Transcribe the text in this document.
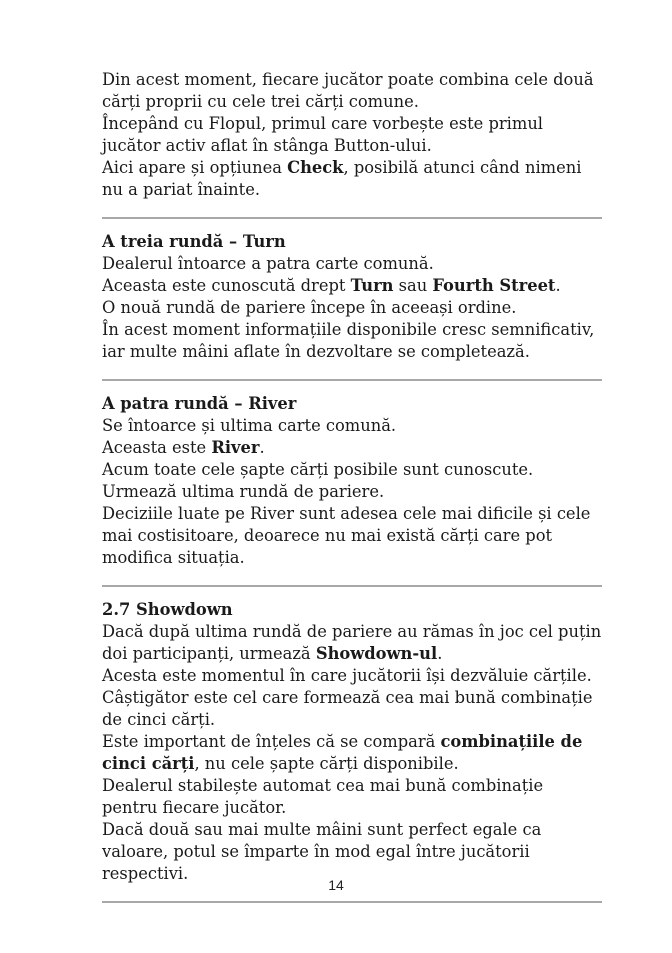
Din acest moment, fiecare jucător poate combina cele două cărți proprii cu cele trei cărți comune.

Începând cu Flopul, primul care vorbește este primul jucător activ aflat în stânga Button-ului.

Aici apare și opțiunea Check, posibilă atunci când nimeni nu a pariat înainte.

A treia rundă – Turn

Dealerul întoarce a patra carte comună.

Aceasta este cunoscută drept Turn sau Fourth Street.

O nouă rundă de pariere începe în aceeași ordine.

În acest moment informațiile disponibile cresc semnificativ, iar multe mâini aflate în dezvoltare se completează.

A patra rundă – River

Se întoarce și ultima carte comună.

Aceasta este River.

Acum toate cele șapte cărți posibile sunt cunoscute.

Urmează ultima rundă de pariere.

Deciziile luate pe River sunt adesea cele mai dificile și cele mai costisitoare, deoarece nu mai există cărți care pot modifica situația.

2.7 Showdown

Dacă după ultima rundă de pariere au rămas în joc cel puțin doi participanți, urmează Showdown-ul.

Acesta este momentul în care jucătorii își dezvăluie cărțile.

Câștigător este cel care formează cea mai bună combinație de cinci cărți.

Este important de înțeles că se compară combinațiile de cinci cărți, nu cele șapte cărți disponibile.

Dealerul stabilește automat cea mai bună combinație pentru fiecare jucător.

Dacă două sau mai multe mâini sunt perfect egale ca valoare, potul se împarte în mod egal între jucătorii respectivi.

14
